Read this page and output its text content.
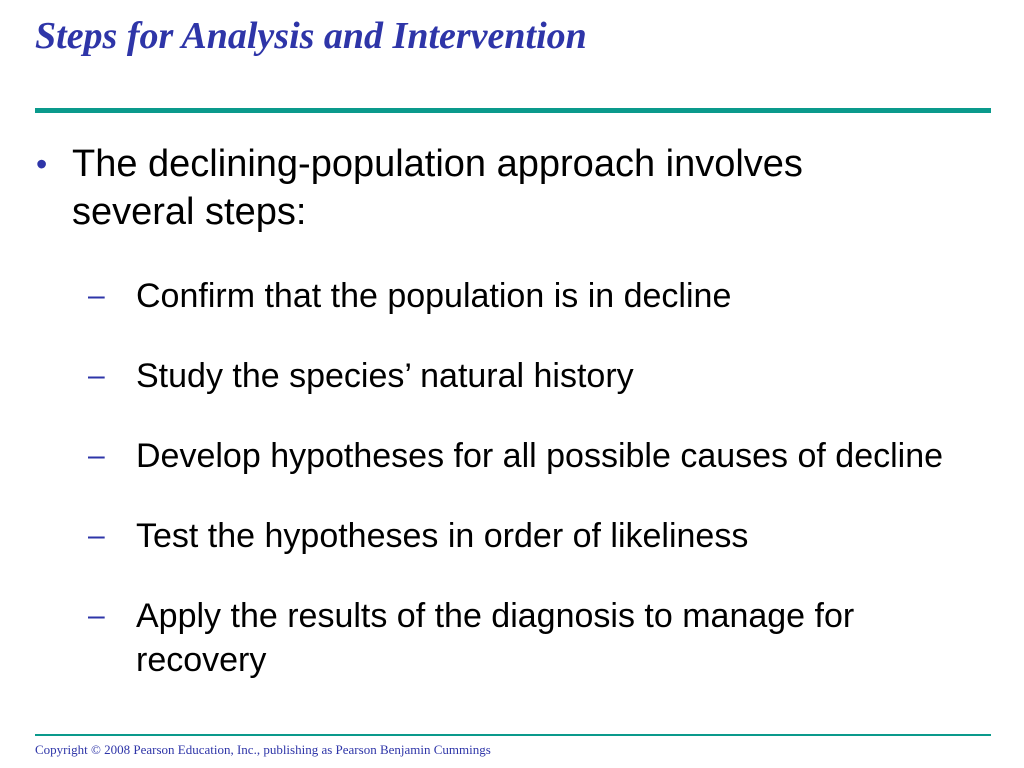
Steps for Analysis and Intervention
• The declining-population approach involves several steps:
– Confirm that the population is in decline
– Study the species’ natural history
– Develop hypotheses for all possible causes of decline
– Test the hypotheses in order of likeliness
– Apply the results of the diagnosis to manage for recovery
Copyright © 2008 Pearson Education, Inc., publishing as Pearson Benjamin Cummings
